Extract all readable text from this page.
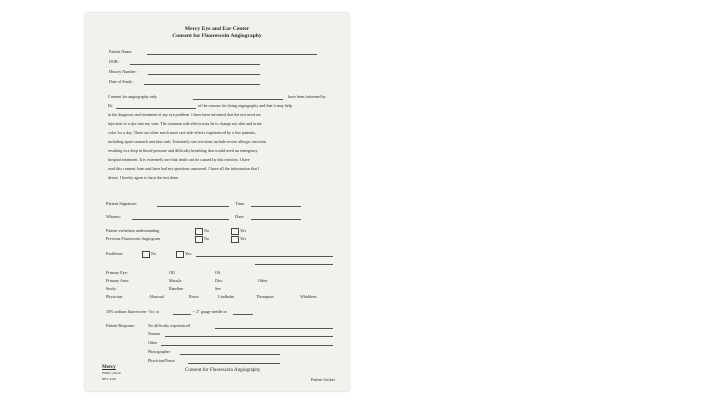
Mercy Eye and Ear Center
Consent for Fluorescein Angiography
Patient Name:
DOB:
History Number:
Date of Study:
Consent for angiography only	have been informed by
Dr.	of the reasons for doing angiography and that it may help
in the diagnosis and treatment of my eye problem. I have been informed that the test involves
injection of a dye into my vein. The common side effects may be to change my skin and urine
color for a day. There are other much more rare side effects experienced by a few patients,
including upset stomach and skin rash. Extremely rare reactions include severe allergic reactions
resulting in a drop in blood pressure and difficulty breathing that would need an emergency
hospital treatment. It is extremely rare that death can be caused by this reaction. I have
read this consent form and have had my questions answered. I have all the information that I
desire. I hereby agree to have the test done.
Patient Signature:	Time:
Witness:	Date:
Patient verbalizes understanding	No	Yes
Previous Fluorescein Angiogram	No	Yes
Problems	No	Yes:
Primary Eye:	OD	OS
Primary Area:	Macula	Disc	Other
Study:	Baseline	See
Physician:	Altawaal	Bowe	Lindholm	Thompson	Whiddens
10% sodium fluorescein - 5cc or	~ 2" gauge needle or
Patient Response:	No difficulty experienced
Nausea
Other
Photographer
Physician/Nurse
Mercy
EMEC-200 R
REV 4/08
Consent for Fluorescein Angiography
Patient Sticker
